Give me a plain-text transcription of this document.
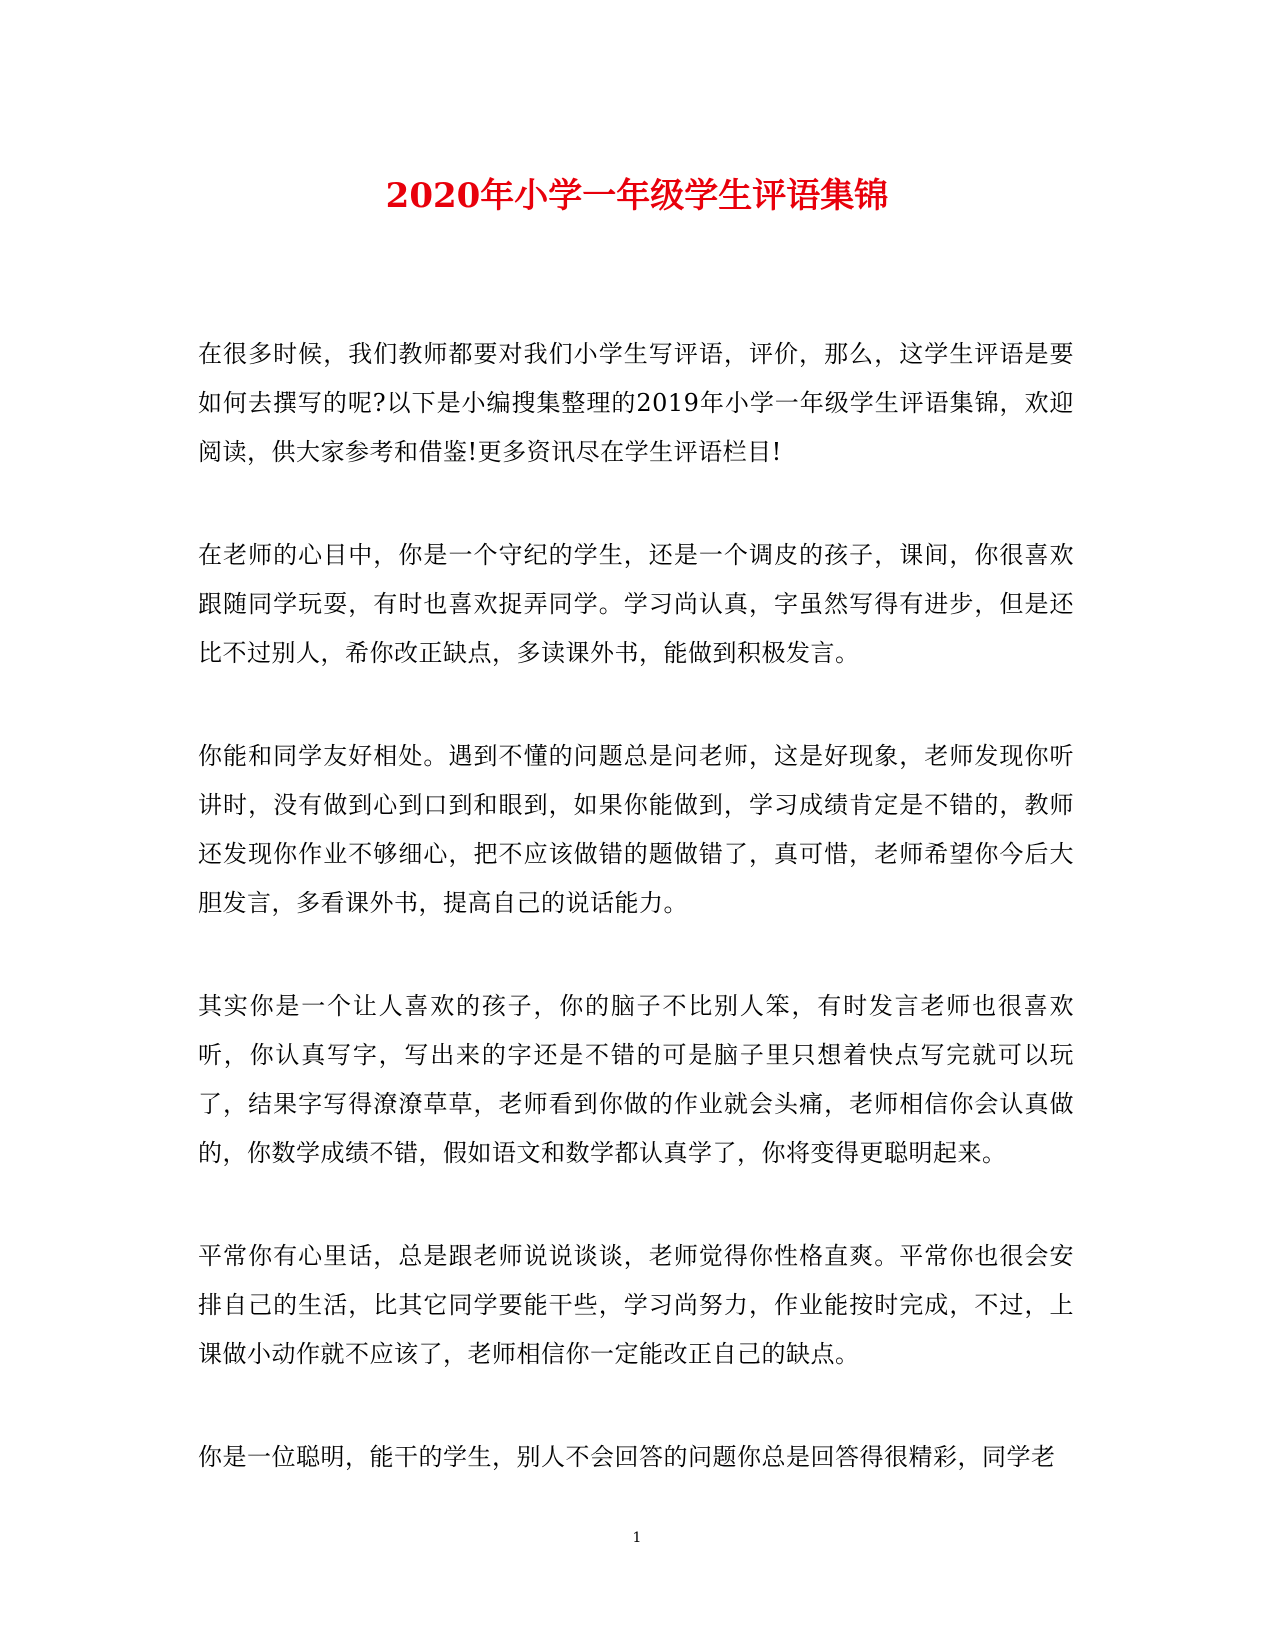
2020年小学一年级学生评语集锦

在很多时候，我们教师都要对我们小学生写评语，评价，那么，这学生评语是要如何去撰写的呢?以下是小编搜集整理的2019年小学一年级学生评语集锦，欢迎阅读，供大家参考和借鉴!更多资讯尽在学生评语栏目!

在老师的心目中，你是一个守纪的学生，还是一个调皮的孩子，课间，你很喜欢跟随同学玩耍，有时也喜欢捉弄同学。学习尚认真，字虽然写得有进步，但是还比不过别人，希你改正缺点，多读课外书，能做到积极发言。

你能和同学友好相处。遇到不懂的问题总是问老师，这是好现象，老师发现你听讲时，没有做到心到口到和眼到，如果你能做到，学习成绩肯定是不错的，教师还发现你作业不够细心，把不应该做错的题做错了，真可惜，老师希望你今后大胆发言，多看课外书，提高自己的说话能力。

其实你是一个让人喜欢的孩子，你的脑子不比别人笨，有时发言老师也很喜欢听，你认真写字，写出来的字还是不错的可是脑子里只想着快点写完就可以玩了，结果字写得潦潦草草，老师看到你做的作业就会头痛，老师相信你会认真做的，你数学成绩不错，假如语文和数学都认真学了，你将变得更聪明起来。

平常你有心里话，总是跟老师说说谈谈，老师觉得你性格直爽。平常你也很会安排自己的生活，比其它同学要能干些，学习尚努力，作业能按时完成，不过，上课做小动作就不应该了，老师相信你一定能改正自己的缺点。

你是一位聪明，能干的学生，别人不会回答的问题你总是回答得很精彩，同学老

1
